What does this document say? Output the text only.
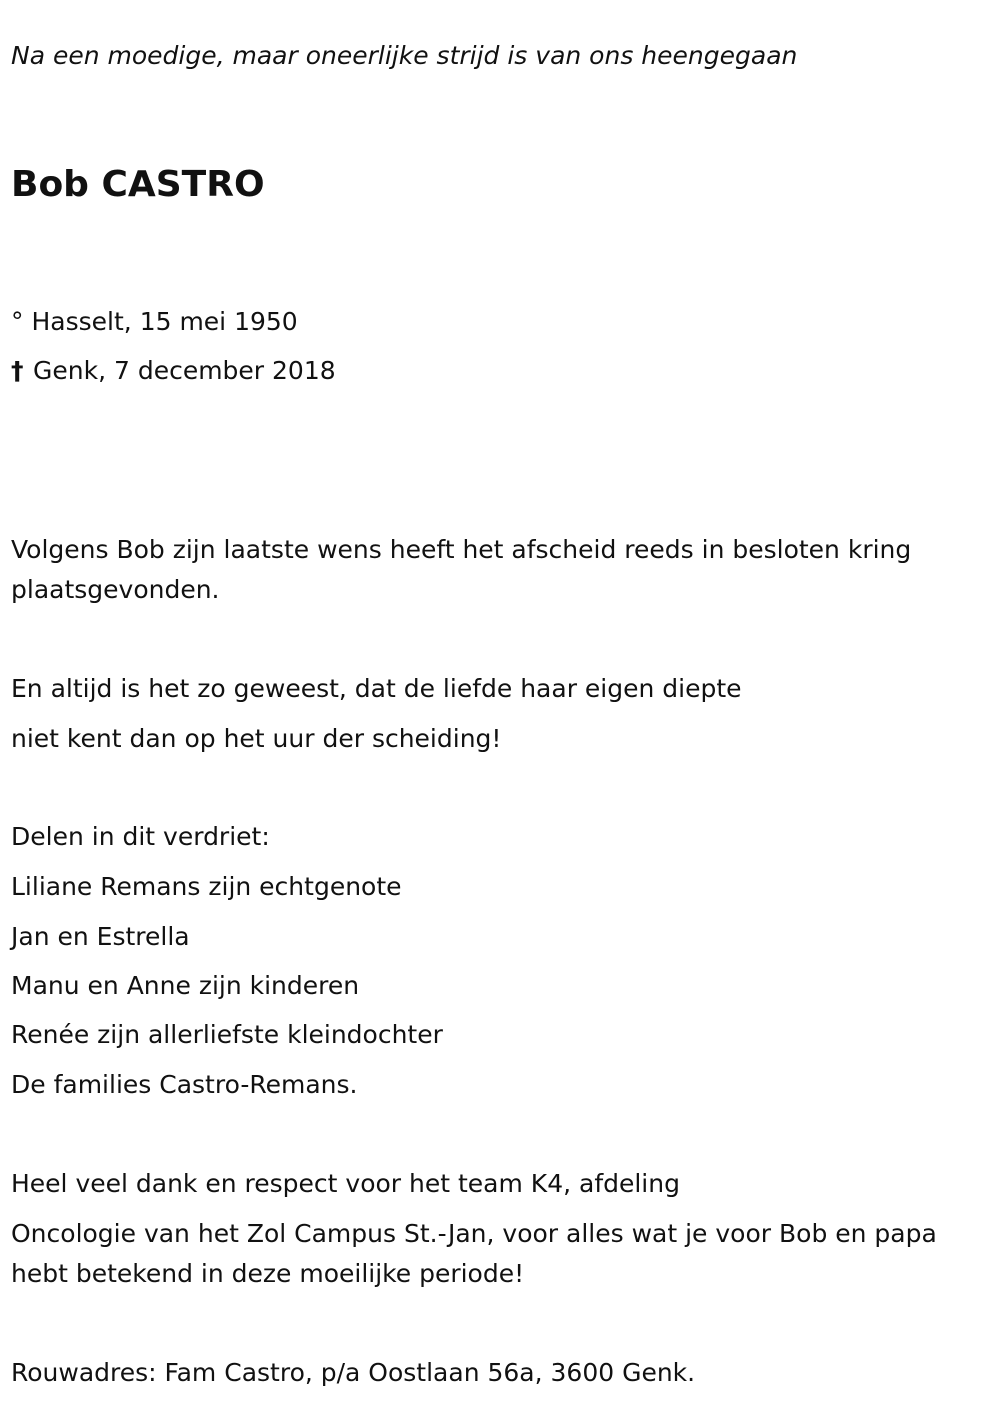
Na een moedige, maar oneerlijke strijd is van ons heengegaan
Bob CASTRO
° Hasselt, 15 mei 1950
† Genk, 7 december 2018
Volgens Bob zijn laatste wens heeft het afscheid reeds in besloten kring plaatsgevonden.
En altijd is het zo geweest, dat de liefde haar eigen diepte
niet kent dan op het uur der scheiding!
Delen in dit verdriet:
Liliane Remans zijn echtgenote
Jan en Estrella
Manu en Anne zijn kinderen
Renée zijn allerliefste kleindochter
De families Castro-Remans.
Heel veel dank en respect voor het team K4, afdeling
Oncologie van het Zol Campus St.-Jan, voor alles wat je voor Bob en papa hebt betekend in deze moeilijke periode!
Rouwadres: Fam Castro, p/a Oostlaan 56a, 3600 Genk.
